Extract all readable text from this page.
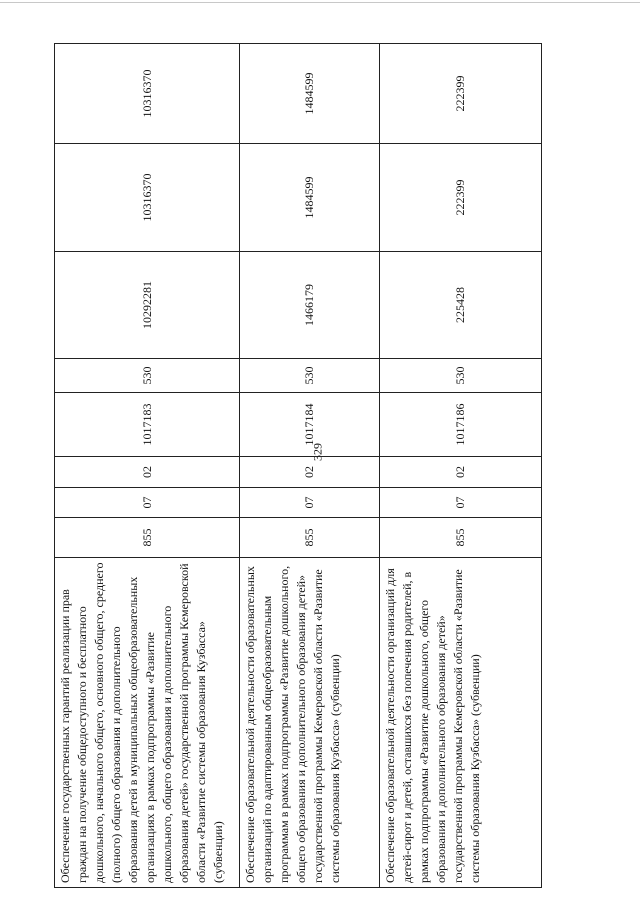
329
Обеспечение государственных гарантий реализации прав граждан на получение общедоступного и бесплатного дошкольного, начального общего, основного общего, среднего (полного) общего образования и дополнительного образования детей в муниципальных общеобразовательных организациях в рамках подпрограммы «Развитие дошкольного, общего образования и дополнительного образования детей» государственной программы Кемеровской области «Развитие системы образования Кузбасса» (субвенции)	855	07	02	1017183	530	10292281	10316370	10316370
Обеспечение образовательной деятельности образовательных организаций по адаптированным общеобразовательным программам в рамках подпрограммы «Развитие дошкольного, общего образования и дополнительного образования детей» государственной программы Кемеровской области «Развитие системы образования Кузбасса» (субвенции)	855	07	02	1017184	530	1466179	1484599	1484599
Обеспечение образовательной деятельности организаций для детей-сирот и детей, оставшихся без попечения родителей, в рамках подпрограммы «Развитие дошкольного, общего образования и дополнительного образования детей» государственной программы Кемеровской области «Развитие системы образования Кузбасса» (субвенции)	855	07	02	1017186	530	225428	222399	222399
